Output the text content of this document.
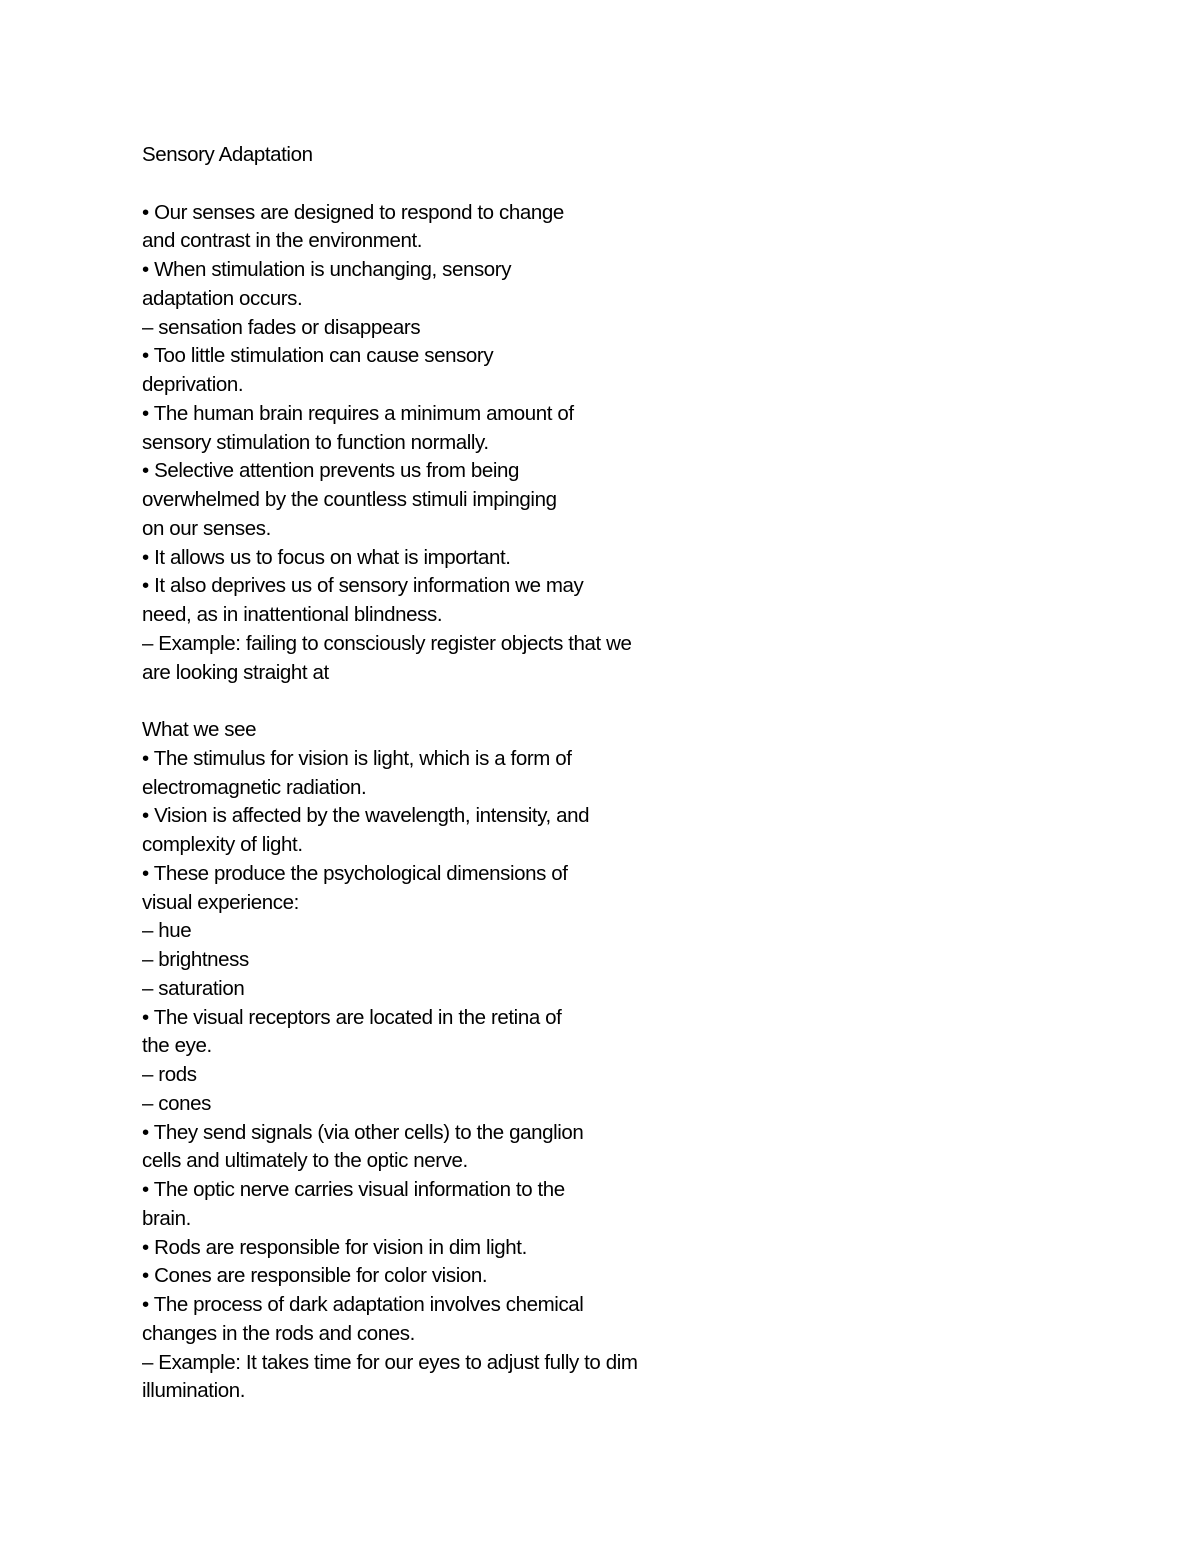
Sensory Adaptation
• Our senses are designed to respond to change
and contrast in the environment.
• When stimulation is unchanging, sensory
adaptation occurs.
– sensation fades or disappears
• Too little stimulation can cause sensory
deprivation.
• The human brain requires a minimum amount of
sensory stimulation to function normally.
• Selective attention prevents us from being
overwhelmed by the countless stimuli impinging
on our senses.
• It allows us to focus on what is important.
• It also deprives us of sensory information we may
need, as in inattentional blindness.
– Example: failing to consciously register objects that we
are looking straight at
What we see
• The stimulus for vision is light, which is a form of
electromagnetic radiation.
• Vision is affected by the wavelength, intensity, and
complexity of light.
• These produce the psychological dimensions of
visual experience:
– hue
– brightness
– saturation
• The visual receptors are located in the retina of
the eye.
– rods
– cones
• They send signals (via other cells) to the ganglion
cells and ultimately to the optic nerve.
• The optic nerve carries visual information to the
brain.
• Rods are responsible for vision in dim light.
• Cones are responsible for color vision.
• The process of dark adaptation involves chemical
changes in the rods and cones.
– Example: It takes time for our eyes to adjust fully to dim
illumination.
